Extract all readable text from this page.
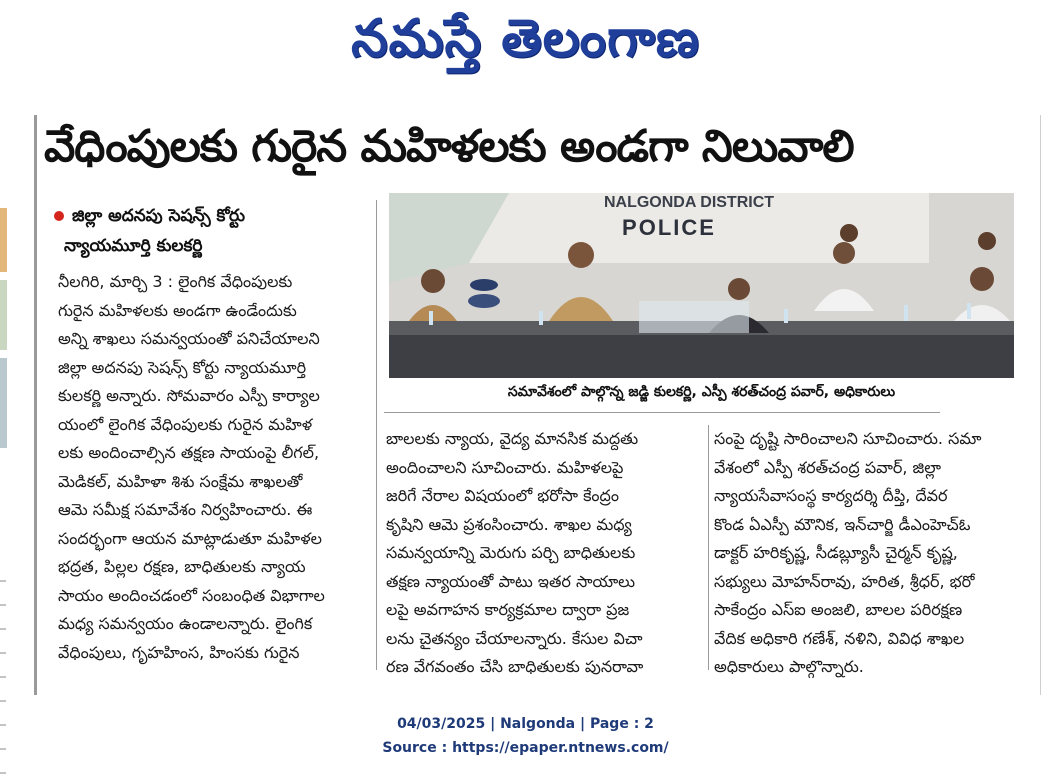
నమస్తే తెలంగాణ
వేధింపులకు గురైన మహిళలకు అండగా నిలువాలి
జిల్లా అదనపు సెషన్స్ కోర్టు
న్యాయమూర్తి కులకర్ణి
నీలగిరి, మార్చి 3 : లైంగిక వేధింపులకు
గురైన మహిళలకు అండగా ఉండేందుకు
అన్ని శాఖలు సమన్వయంతో పనిచేయాలని
జిల్లా అదనపు సెషన్స్ కోర్టు న్యాయమూర్తి
కులకర్ణి అన్నారు. సోమవారం ఎస్పీ కార్యాల
యంలో లైంగిక వేధింపులకు గురైన మహిళ
లకు అందించాల్సిన తక్షణ సాయంపై లీగల్,
మెడికల్, మహిళా శిశు సంక్షేమ శాఖలతో
ఆమె సమీక్ష సమావేశం నిర్వహించారు. ఈ
సందర్భంగా ఆయన మాట్లాడుతూ మహిళల
భద్రత, పిల్లల రక్షణ, బాధితులకు న్యాయ
సాయం అందించడంలో సంబంధిత విభాగాల
మధ్య సమన్వయం ఉండాలన్నారు. లైంగిక
వేధింపులు, గృహహింస, హింసకు గురైన
NALGONDA DISTRICT
POLICE
సమావేశంలో పాల్గొన్న జడ్జి కులకర్ణి, ఎస్పీ శరత్‌చంద్ర పవార్, అధికారులు
బాలలకు న్యాయ, వైద్య మానసిక మద్దతు
అందించాలని సూచించారు. మహిళలపై
జరిగే నేరాల విషయంలో భరోసా కేంద్రం
కృషిని ఆమె ప్రశంసించారు. శాఖల మధ్య
సమన్వయాన్ని మెరుగు పర్చి బాధితులకు
తక్షణ న్యాయంతో పాటు ఇతర సాయాలు
లపై అవగాహన కార్యక్రమాల ద్వారా ప్రజ
లను చైతన్యం చేయాలన్నారు. కేసుల విచా
రణ వేగవంతం చేసి బాధితులకు పునరావా
సంపై దృష్టి సారించాలని సూచించారు. సమా
వేశంలో ఎస్పీ శరత్‌చంద్ర పవార్, జిల్లా
న్యాయసేవాసంస్థ కార్యదర్శి దీప్తి, దేవర
కొండ ఏఎస్పీ మౌనిక, ఇన్‌చార్జి డీఎంహెచ్‌ఓ
డాక్టర్ హరికృష్ణ, సీడబ్ల్యూసీ చైర్మన్ కృష్ణ,
సభ్యులు మోహన్‌రావు, హరిత, శ్రీధర్, భరో
సాకేంద్రం ఎస్‌ఐ అంజలి, బాలల పరిరక్షణ
వేదిక అధికారి గణేశ్, నళిని, వివిధ శాఖల
అధికారులు పాల్గొన్నారు.
04/03/2025 | Nalgonda | Page : 2
Source : https://epaper.ntnews.com/
